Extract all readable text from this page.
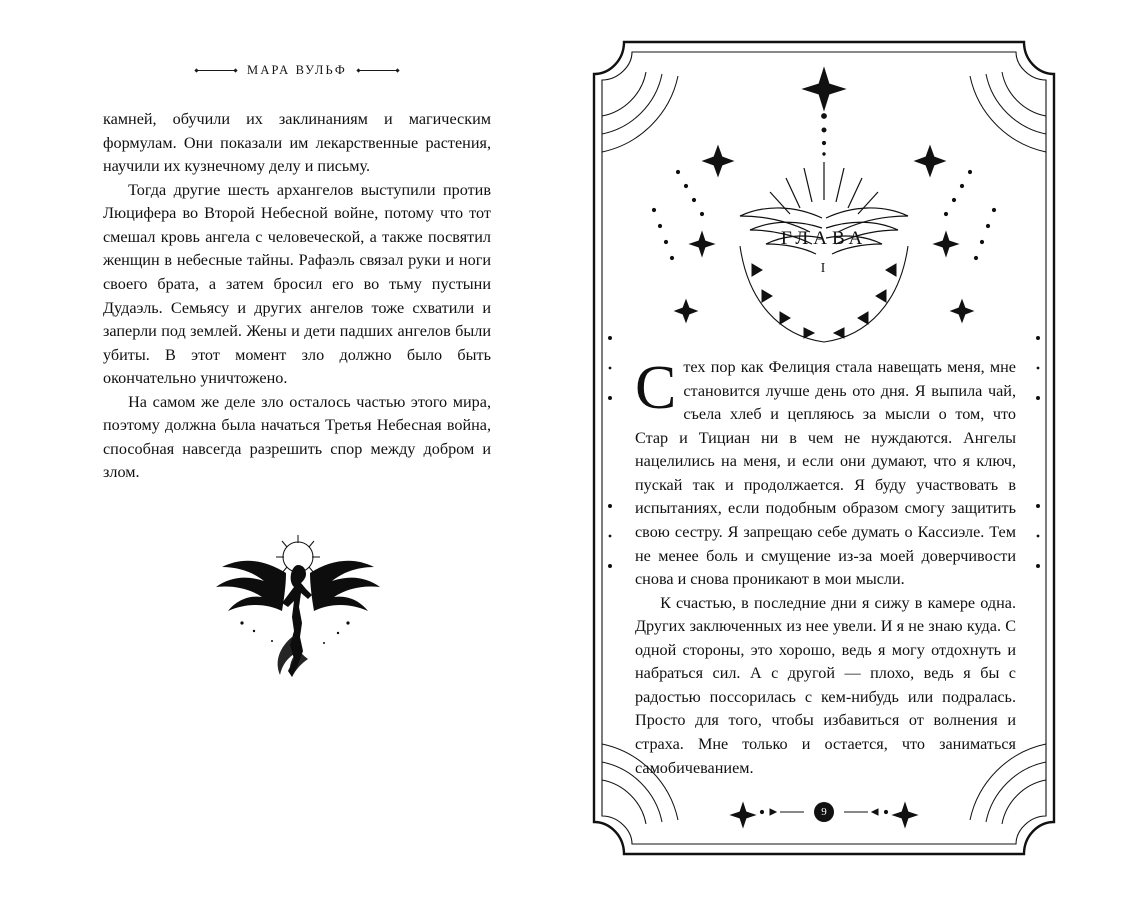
МАРА ВУЛЬФ

камней, обучили их заклинаниям и магическим формулам. Они показали им лекарственные растения, научили их кузнечному делу и письму.

Тогда другие шесть архангелов выступили против Люцифера во Второй Небесной войне, потому что тот смешал кровь ангела с человеческой, а также посвятил женщин в небесные тайны. Рафаэль связал руки и ноги своего брата, а затем бросил его во тьму пустыни Дудаэль. Семьясу и других ангелов тоже схватили и заперли под землей. Жены и дети падших ангелов были убиты. В этот момент зло должно было быть окончательно уничтожено.

На самом же деле зло осталось частью этого мира, поэтому должна была начаться Третья Небесная война, способная навсегда разрешить спор между добром и злом.

ГЛАВА
I

Стех пор как Фелиция стала навещать меня, мне становится лучше день ото дня. Я выпила чай, съела хлеб и цепляюсь за мысли о том, что Стар и Тициан ни в чем не нуждаются. Ангелы нацелились на меня, и если они думают, что я ключ, пускай так и продолжается. Я буду участвовать в испытаниях, если подобным образом смогу защитить свою сестру. Я запрещаю себе думать о Кассиэле. Тем не менее боль и смущение из-за моей доверчивости снова и снова проникают в мои мысли.

К счастью, в последние дни я сижу в камере одна. Других заключенных из нее увели. И я не знаю куда. С одной стороны, это хорошо, ведь я могу отдохнуть и набраться сил. А с другой — плохо, ведь я бы с радостью поссорилась с кем-нибудь или подралась. Просто для того, чтобы избавиться от волнения и страха. Мне только и остается, что заниматься самобичеванием.

9
